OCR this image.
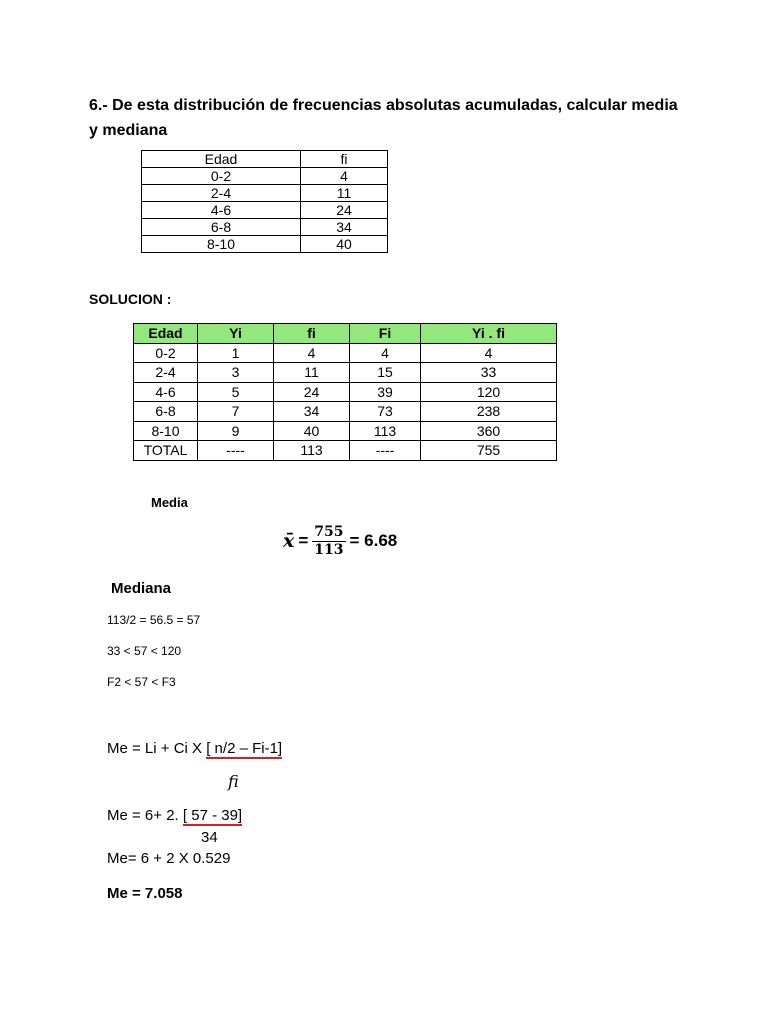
6.- De esta distribución de frecuencias absolutas acumuladas, calcular media y mediana
Edad	fi
0-2	4
2-4	11
4-6	24
6-8	34
8-10	40
SOLUCION :
Edad	Yi	fi	Fi	Yi . fi
0-2	1	4	4	4
2-4	3	11	15	33
4-6	5	24	39	120
6-8	7	34	73	238
8-10	9	40	113	360
TOTAL	----	113	----	755
Media
x̄ = $\frac{755}{113} = 6.68$
Mediana
113/2 = 56.5 = 57
33 < 57 < 120
F2 < 57 < F3
Me = Li + Ci X [ n/2 – Fi-1]
fi
Me = 6+ 2. [ 57 - 39]
34
Me= 6 + 2 X 0.529
Me = 7.058
